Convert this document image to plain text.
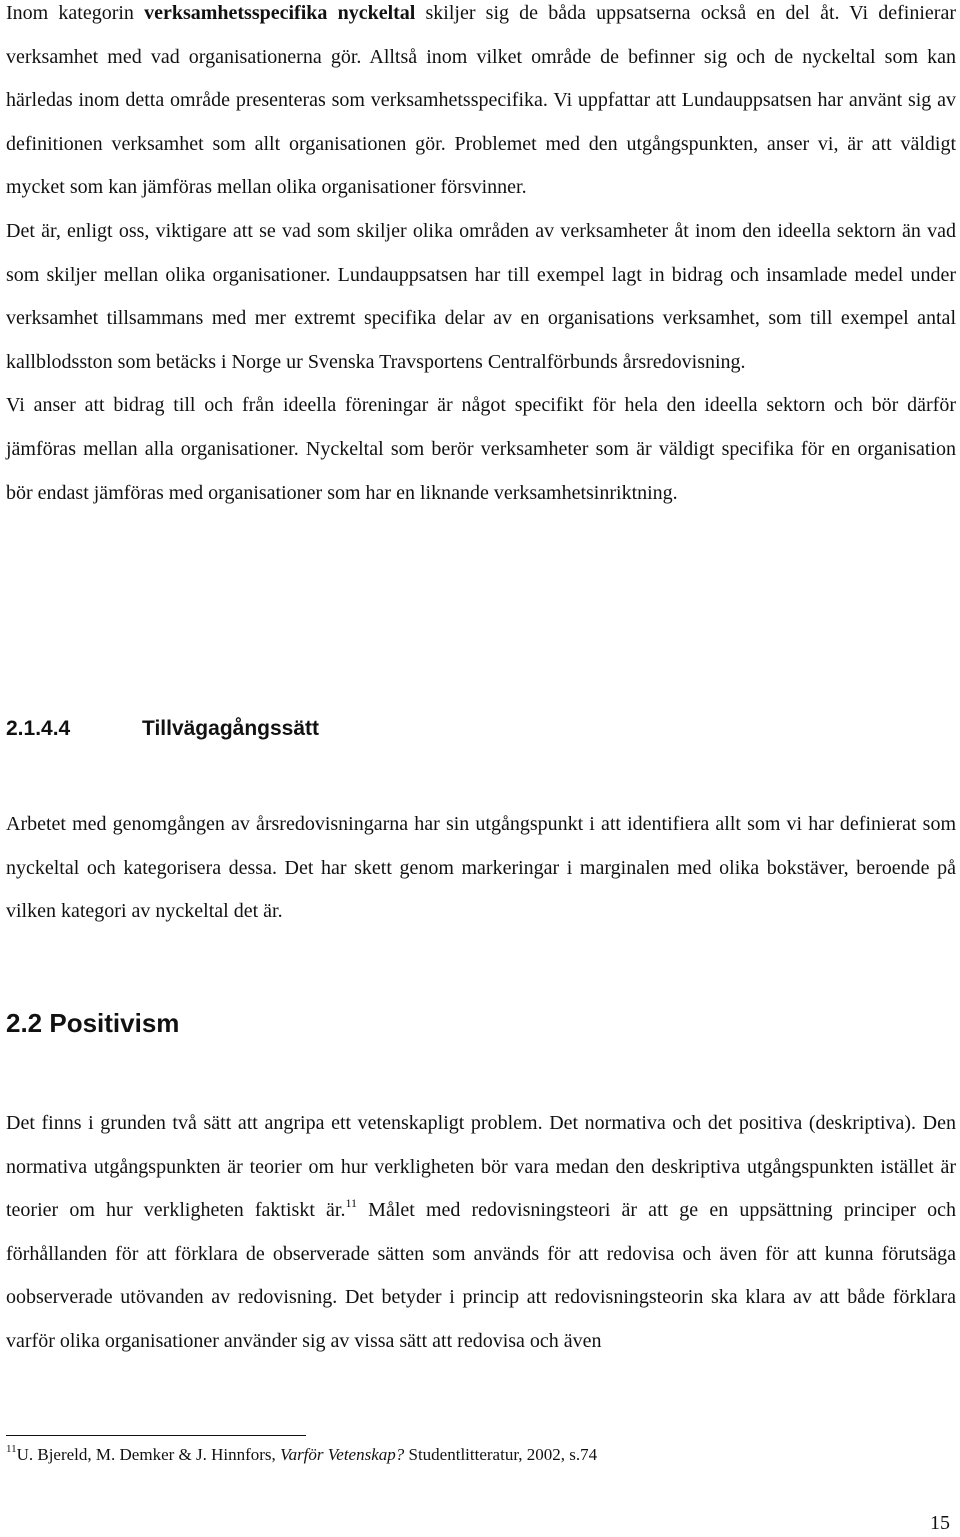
Inom kategorin verksamhetsspecifika nyckeltal skiljer sig de båda uppsatserna också en del åt. Vi definierar verksamhet med vad organisationerna gör. Alltså inom vilket område de befinner sig och de nyckeltal som kan härledas inom detta område presenteras som verksamhetsspecifika. Vi uppfattar att Lundauppsatsen har använt sig av definitionen verksamhet som allt organisationen gör. Problemet med den utgångspunkten, anser vi, är att väldigt mycket som kan jämföras mellan olika organisationer försvinner.

Det är, enligt oss, viktigare att se vad som skiljer olika områden av verksamheter åt inom den ideella sektorn än vad som skiljer mellan olika organisationer. Lundauppsatsen har till exempel lagt in bidrag och insamlade medel under verksamhet tillsammans med mer extremt specifika delar av en organisations verksamhet, som till exempel antal kallblodsston som betäcks i Norge ur Svenska Travsportens Centralförbunds årsredovisning.

Vi anser att bidrag till och från ideella föreningar är något specifikt för hela den ideella sektorn och bör därför jämföras mellan alla organisationer. Nyckeltal som berör verksamheter som är väldigt specifika för en organisation bör endast jämföras med organisationer som har en liknande verksamhetsinriktning.

2.1.4.4	Tillvägagångssätt

Arbetet med genomgången av årsredovisningarna har sin utgångspunkt i att identifiera allt som vi har definierat som nyckeltal och kategorisera dessa. Det har skett genom markeringar i marginalen med olika bokstäver, beroende på vilken kategori av nyckeltal det är.

2.2 Positivism

Det finns i grunden två sätt att angripa ett vetenskapligt problem. Det normativa och det positiva (deskriptiva). Den normativa utgångspunkten är teorier om hur verkligheten bör vara medan den deskriptiva utgångspunkten istället är teorier om hur verkligheten faktiskt är.$^{11}$ Målet med redovisningsteori är att ge en uppsättning principer och förhållanden för att förklara de observerade sätten som används för att redovisa och även för att kunna förutsäga oobserverade utövanden av redovisning. Det betyder i princip att redovisningsteorin ska klara av att både förklara varför olika organisationer använder sig av vissa sätt att redovisa och även

$^{11}$U. Bjereld, M. Demker & J. Hinnfors, Varför Vetenskap? Studentlitteratur, 2002, s.74
15
